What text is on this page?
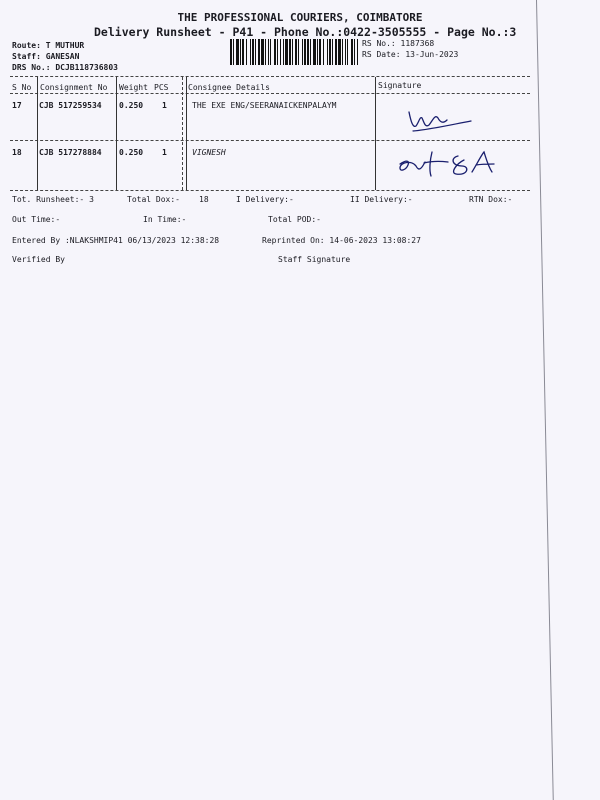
THE PROFESSIONAL COURIERS, COIMBATORE
Delivery Runsheet - P41 - Phone No.:0422-3505555 - Page No.:3
Route: T MUTHUR
Staff: GANESAN
DRS No.: DCJB118736803
RS No.: 1187368
RS Date: 13-Jun-2023
S No Consignment No Weight PCS Consignee Details	Signature
17 CJB 517259534 0.250 1	THE EXE ENG/SEERANAICKENPALAYM
18 CJB 517278884 0.250 1	VIGNESH
Tot. Runsheet:- 3	Total Dox:- 18	I Delivery:-	II Delivery:-	RTN Dox:-
Out Time:-	In Time:-	Total POD:-
Entered By :NLAKSHMIP41 06/13/2023 12:38:28	Reprinted On: 14-06-2023 13:08:27
Verified By	Staff Signature
